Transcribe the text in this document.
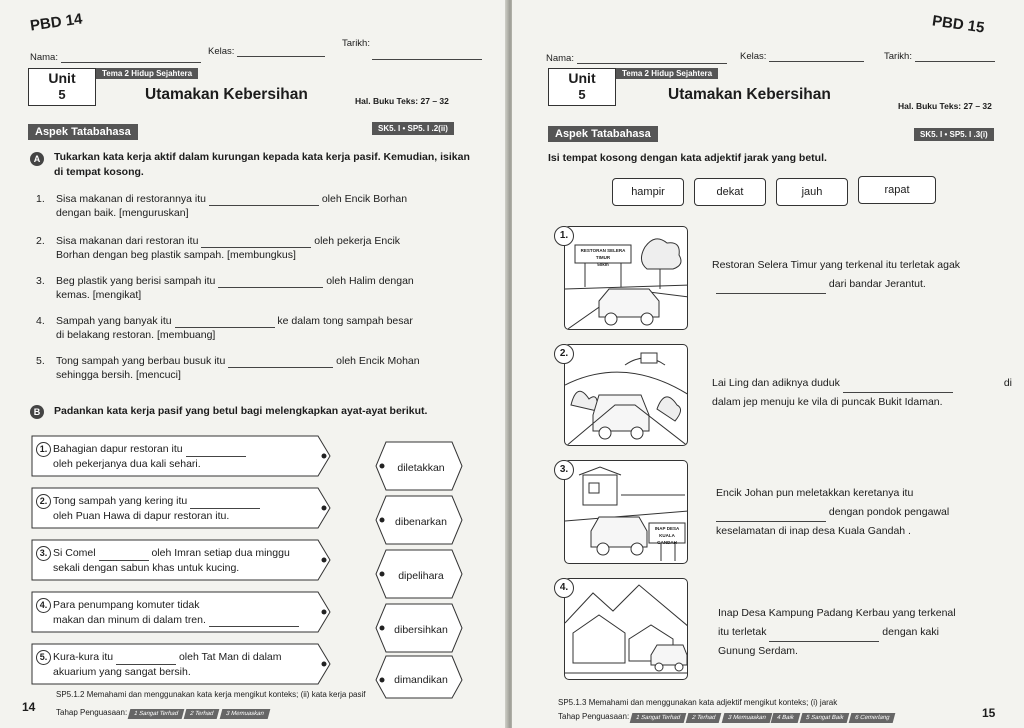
PBD 14
Nama:
Kelas:
Tarikh:

Unit
5
Tema 2 Hidup Sejahtera
Utamakan Kebersihan	Hal. Buku Teks: 27 – 32
Aspek Tatabahasa	SK5. I • SP5. I .2(ii)
A	Tukarkan kata kerja aktif dalam kurungan kepada kata kerja pasif. Kemudian, isikan di tempat kosong.
1. Sisa makanan di restorannya itu	oleh Encik Borhan
dengan baik. [menguruskan]
2. Sisa makanan dari restoran itu	oleh pekerja Encik
Borhan dengan beg plastik sampah. [membungkus]
3. Beg plastik yang berisi sampah itu	oleh Halim dengan
kemas. [mengikat]
4. Sampah yang banyak itu	ke dalam tong sampah besar
di belakang restoran. [membuang]
5. Tong sampah yang berbau busuk itu	oleh Encik Mohan
sehingga bersih. [mencuci]
B	Padankan kata kerja pasif yang betul bagi melengkapkan ayat-ayat berikut.
1. Bahagian dapur restoran itu
oleh pekerjanya dua kali sehari.
2. Tong sampah yang kering itu
oleh Puan Hawa di dapur restoran itu.
3. Si Comel	oleh Imran setiap dua minggu
sekali dengan sabun khas untuk kucing.
4. Para penumpang komuter tidak
makan dan minum di dalam tren.
5. Kura-kura itu	oleh Tat Man di dalam
akuarium yang sangat bersih.
diletakkan
dibenarkan
dipelihara
dibersihkan
dimandikan
SP5.1.2 Memahami dan menggunakan kata kerja mengikut konteks; (ii) kata kerja pasif
14	Tahap Penguasaan: 1 Sangat Terhad 2 Terhad 3 Memuaskan
PBD 15
Nama:	Kelas:	Tarikh:
Unit
5
Tema 2 Hidup Sejahtera
Utamakan Kebersihan
Hal. Buku Teks: 27 – 32
Aspek Tatabahasa	SK5. I • SP5. I .3(i)
Isi tempat kosong dengan kata adjektif jarak yang betul.
hampir	dekat	jauh	rapat
RESTORAN SELERA TIMUR
50km
1.
2.
INAP DESA
KUALA GANDAH
3.
4.
Restoran Selera Timur yang terkenal itu terletak agak
dari bandar Jerantut.
Lai Ling dan adiknya duduk	di

dalam jep menuju ke vila di puncak Bukit Idaman.
Encik Johan pun meletakkan keretanya itu
dengan pondok pengawal
keselamatan di inap desa Kuala Gandah .
Inap Desa Kampung Padang Kerbau yang terkenal
itu terletak	dengan kaki
Gunung Serdam.
SP5.1.3 Memahami dan menggunakan kata adjektif mengikut konteks; (i) jarak
Tahap Penguasaan: 1 Sangat Terhad 2 Terhad 3 Memuaskan 4 Baik 5 Sangat Baik 6 Cemerlang	15
